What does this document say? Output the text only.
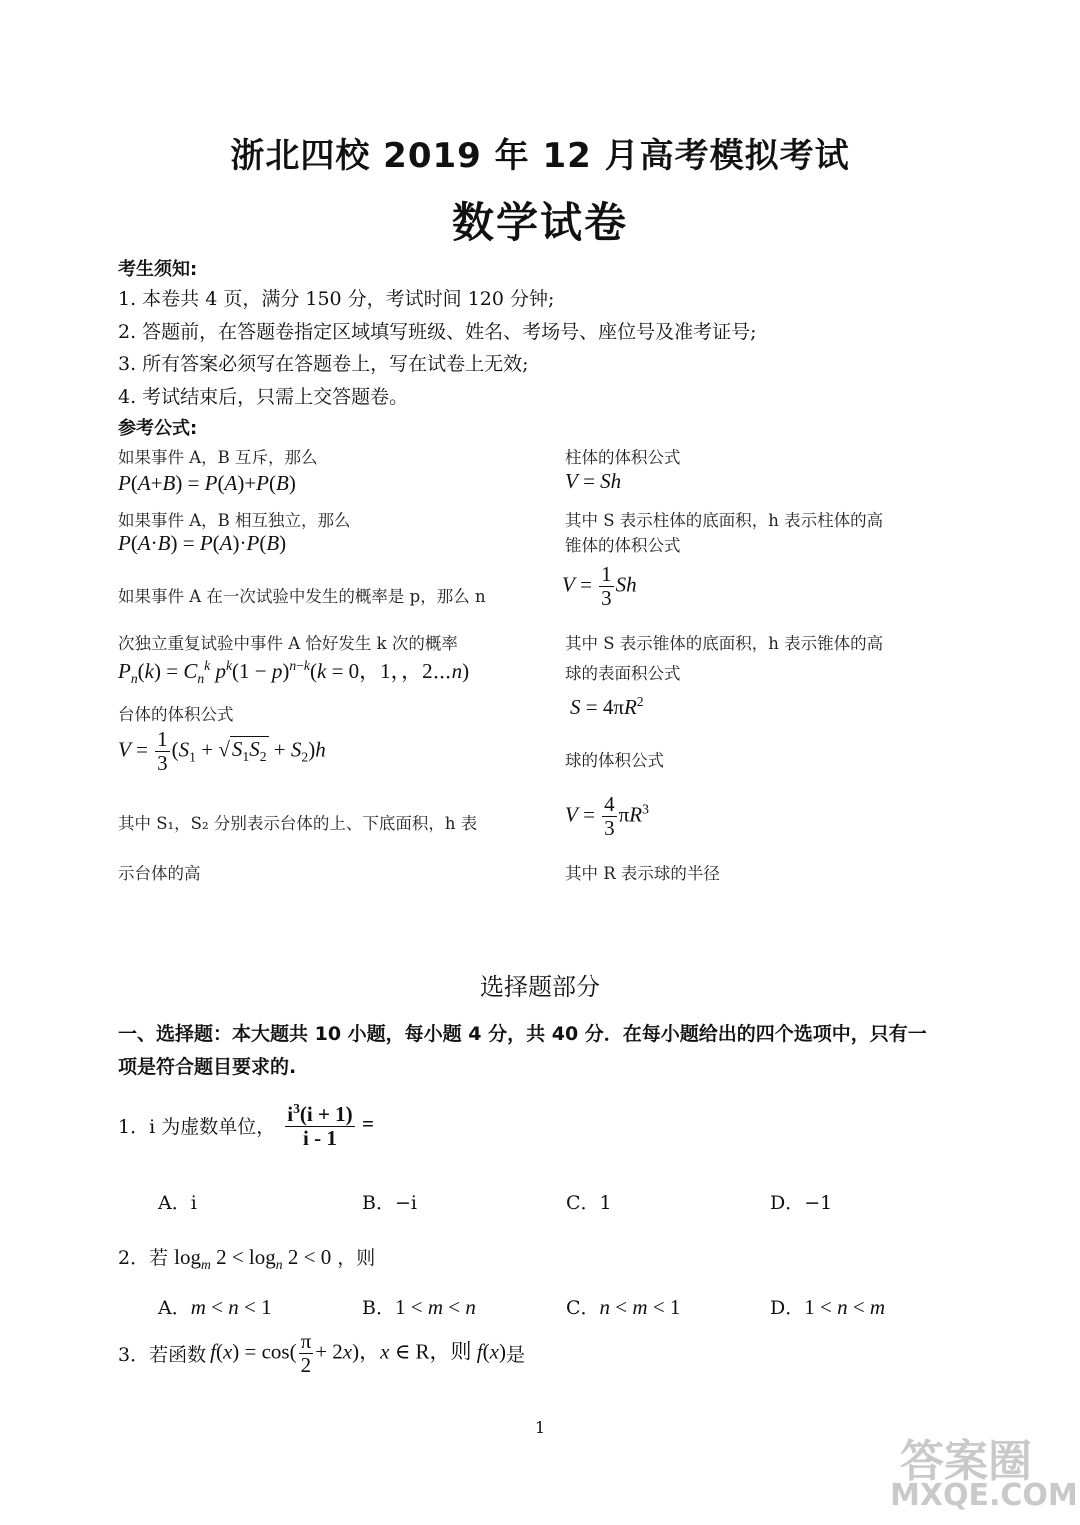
浙北四校 2019 年 12 月高考模拟考试
数学试卷
考生须知:
1. 本卷共 4 页，满分 150 分，考试时间 120 分钟;
2. 答题前，在答题卷指定区域填写班级、姓名、考场号、座位号及准考证号;
3. 所有答案必须写在答题卷上，写在试卷上无效;
4. 考试结束后，只需上交答题卷。
参考公式:
如果事件 A，B 互斥，那么
P(A+B) = P(A)+P(B)
如果事件 A，B 相互独立，那么
P(A·B) = P(A)·P(B)
如果事件 A 在一次试验中发生的概率是 p，那么 n
次独立重复试验中事件 A 恰好发生 k 次的概率
$P_n(k) = C_n^k$ $p^k(1 - p)^{n-k}(k = 0$，1，，2⋯n)
台体的体积公式
$V = \frac{1}{3} (S_1 + √S_1S_2 + S_2)h$
其中 S₁，S₂ 分别表示台体的上、下底面积，h 表
示台体的高
柱体的体积公式
V = Sh
其中 S 表示柱体的底面积，h 表示柱体的高
锥体的体积公式
$V = \frac{1}{3}$ Sh
其中 S 表示锥体的底面积，h 表示锥体的高
球的表面积公式
$S = 4\pi R^2$
球的体积公式
$V = \frac{4}{3} \pi R^3$
其中 R 表示球的半径
选择题部分
一、选择题：本大题共 10 小题，每小题 4 分，共 40 分．在每小题给出的四个选项中，只有一
项是符合题目要求的.
1．i 为虚数单位， $\frac{i^3(i + 1)}{i - 1}$ =
A．i	B．−i	C．1	D．−1
2．若 $\log_m 2 < \log_n 2 < 0$ ，则
A．m < n < 1	B．1 < m < n	C．n < m < 1	D．1 < n < m
3．若函数 $f(x) = \cos( \frac{\pi}{2} + 2x)$，x ∈ R，则 f(x) 是
1
答案圈
MXQE.COM
